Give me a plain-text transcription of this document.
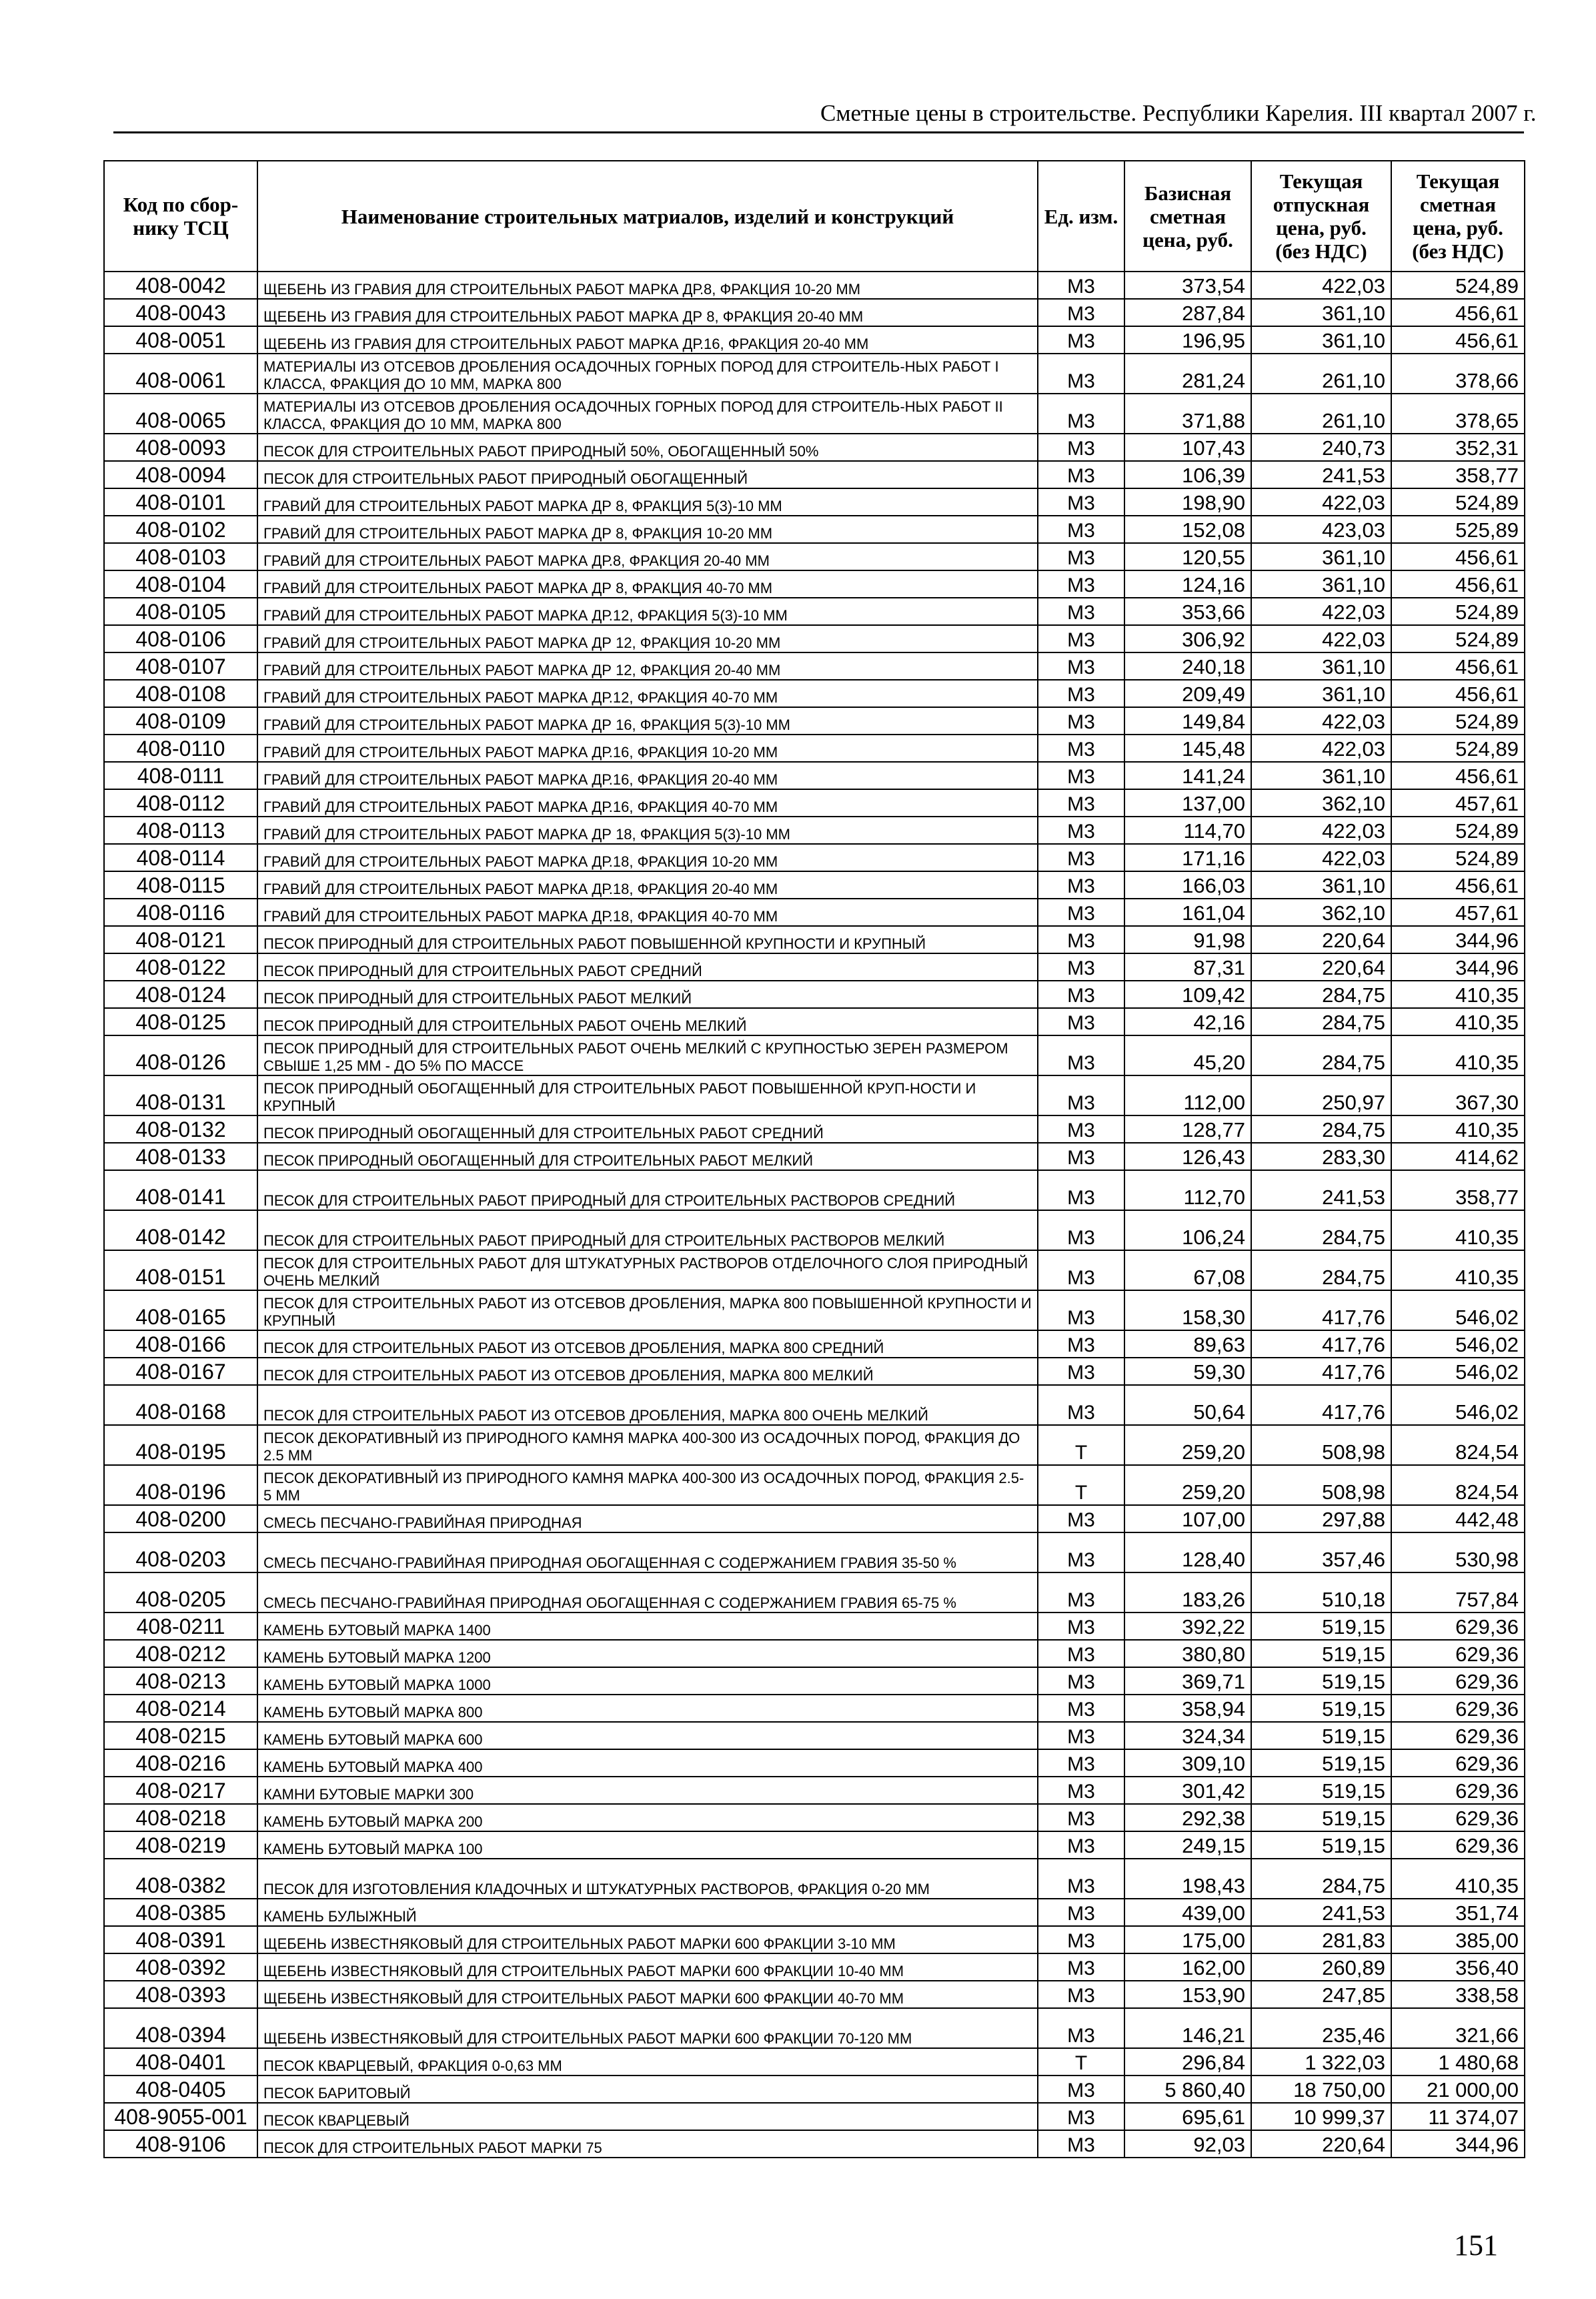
Сметные цены в строительстве. Республики Карелия. III квартал 2007 г.
Код по сбор-нику ТСЦ	Наименование строительных матриалов, изделий и конструкций	Ед. изм.	Базисная сметная цена, руб.	Текущая отпускная цена, руб. (без НДС)	Текущая сметная цена, руб. (без НДС)
408-0042	ЩЕБЕНЬ ИЗ ГРАВИЯ ДЛЯ СТРОИТЕЛЬНЫХ РАБОТ МАРКА ДР.8, ФРАКЦИЯ 10-20 ММ	М3	373,54	422,03	524,89
408-0043	ЩЕБЕНЬ ИЗ ГРАВИЯ ДЛЯ СТРОИТЕЛЬНЫХ РАБОТ МАРКА ДР 8, ФРАКЦИЯ 20-40 ММ	М3	287,84	361,10	456,61
408-0051	ЩЕБЕНЬ ИЗ ГРАВИЯ ДЛЯ СТРОИТЕЛЬНЫХ РАБОТ МАРКА ДР.16, ФРАКЦИЯ 20-40 ММ	М3	196,95	361,10	456,61
408-0061	МАТЕРИАЛЫ ИЗ ОТСЕВОВ ДРОБЛЕНИЯ ОСАДОЧНЫХ ГОРНЫХ ПОРОД ДЛЯ СТРОИТЕЛЬ-НЫХ РАБОТ I КЛАССА, ФРАКЦИЯ ДО 10 ММ, МАРКА 800	М3	281,24	261,10	378,66
408-0065	МАТЕРИАЛЫ ИЗ ОТСЕВОВ ДРОБЛЕНИЯ ОСАДОЧНЫХ ГОРНЫХ ПОРОД ДЛЯ СТРОИТЕЛЬ-НЫХ РАБОТ II КЛАССА, ФРАКЦИЯ ДО 10 ММ, МАРКА 800	М3	371,88	261,10	378,65
408-0093	ПЕСОК ДЛЯ СТРОИТЕЛЬНЫХ РАБОТ ПРИРОДНЫЙ 50%, ОБОГАЩЕННЫЙ 50%	М3	107,43	240,73	352,31
408-0094	ПЕСОК ДЛЯ СТРОИТЕЛЬНЫХ РАБОТ ПРИРОДНЫЙ ОБОГАЩЕННЫЙ	М3	106,39	241,53	358,77
408-0101	ГРАВИЙ ДЛЯ СТРОИТЕЛЬНЫХ РАБОТ МАРКА ДР 8, ФРАКЦИЯ 5(3)-10 ММ	М3	198,90	422,03	524,89
408-0102	ГРАВИЙ ДЛЯ СТРОИТЕЛЬНЫХ РАБОТ МАРКА ДР 8, ФРАКЦИЯ 10-20 ММ	М3	152,08	423,03	525,89
408-0103	ГРАВИЙ ДЛЯ СТРОИТЕЛЬНЫХ РАБОТ МАРКА ДР.8, ФРАКЦИЯ 20-40 ММ	М3	120,55	361,10	456,61
408-0104	ГРАВИЙ ДЛЯ СТРОИТЕЛЬНЫХ РАБОТ МАРКА ДР 8, ФРАКЦИЯ 40-70 ММ	М3	124,16	361,10	456,61
408-0105	ГРАВИЙ ДЛЯ СТРОИТЕЛЬНЫХ РАБОТ МАРКА ДР.12, ФРАКЦИЯ 5(3)-10 ММ	М3	353,66	422,03	524,89
408-0106	ГРАВИЙ ДЛЯ СТРОИТЕЛЬНЫХ РАБОТ МАРКА ДР 12, ФРАКЦИЯ 10-20 ММ	М3	306,92	422,03	524,89
408-0107	ГРАВИЙ ДЛЯ СТРОИТЕЛЬНЫХ РАБОТ МАРКА ДР 12, ФРАКЦИЯ 20-40 ММ	М3	240,18	361,10	456,61
408-0108	ГРАВИЙ ДЛЯ СТРОИТЕЛЬНЫХ РАБОТ МАРКА ДР.12, ФРАКЦИЯ 40-70 ММ	М3	209,49	361,10	456,61
408-0109	ГРАВИЙ ДЛЯ СТРОИТЕЛЬНЫХ РАБОТ МАРКА ДР 16, ФРАКЦИЯ 5(3)-10 ММ	М3	149,84	422,03	524,89
408-0110	ГРАВИЙ ДЛЯ СТРОИТЕЛЬНЫХ РАБОТ МАРКА ДР.16, ФРАКЦИЯ 10-20 ММ	М3	145,48	422,03	524,89
408-0111	ГРАВИЙ ДЛЯ СТРОИТЕЛЬНЫХ РАБОТ МАРКА ДР.16, ФРАКЦИЯ 20-40 ММ	М3	141,24	361,10	456,61
408-0112	ГРАВИЙ ДЛЯ СТРОИТЕЛЬНЫХ РАБОТ МАРКА ДР.16, ФРАКЦИЯ 40-70 ММ	М3	137,00	362,10	457,61
408-0113	ГРАВИЙ ДЛЯ СТРОИТЕЛЬНЫХ РАБОТ МАРКА ДР 18, ФРАКЦИЯ 5(3)-10 ММ	М3	114,70	422,03	524,89
408-0114	ГРАВИЙ ДЛЯ СТРОИТЕЛЬНЫХ РАБОТ МАРКА ДР.18, ФРАКЦИЯ 10-20 ММ	М3	171,16	422,03	524,89
408-0115	ГРАВИЙ ДЛЯ СТРОИТЕЛЬНЫХ РАБОТ МАРКА ДР.18, ФРАКЦИЯ 20-40 ММ	М3	166,03	361,10	456,61
408-0116	ГРАВИЙ ДЛЯ СТРОИТЕЛЬНЫХ РАБОТ МАРКА ДР.18, ФРАКЦИЯ 40-70 ММ	М3	161,04	362,10	457,61
408-0121	ПЕСОК ПРИРОДНЫЙ ДЛЯ СТРОИТЕЛЬНЫХ РАБОТ ПОВЫШЕННОЙ КРУПНОСТИ И КРУПНЫЙ	М3	91,98	220,64	344,96
408-0122	ПЕСОК ПРИРОДНЫЙ ДЛЯ СТРОИТЕЛЬНЫХ РАБОТ СРЕДНИЙ	М3	87,31	220,64	344,96
408-0124	ПЕСОК ПРИРОДНЫЙ ДЛЯ СТРОИТЕЛЬНЫХ РАБОТ МЕЛКИЙ	М3	109,42	284,75	410,35
408-0125	ПЕСОК ПРИРОДНЫЙ ДЛЯ СТРОИТЕЛЬНЫХ РАБОТ ОЧЕНЬ МЕЛКИЙ	М3	42,16	284,75	410,35
408-0126	ПЕСОК ПРИРОДНЫЙ ДЛЯ СТРОИТЕЛЬНЫХ РАБОТ ОЧЕНЬ МЕЛКИЙ С КРУПНОСТЬЮ ЗЕРЕН РАЗМЕРОМ СВЫШЕ 1,25 ММ - ДО 5% ПО МАССЕ	М3	45,20	284,75	410,35
408-0131	ПЕСОК ПРИРОДНЫЙ ОБОГАЩЕННЫЙ ДЛЯ СТРОИТЕЛЬНЫХ РАБОТ ПОВЫШЕННОЙ КРУП-НОСТИ И КРУПНЫЙ	М3	112,00	250,97	367,30
408-0132	ПЕСОК ПРИРОДНЫЙ ОБОГАЩЕННЫЙ ДЛЯ СТРОИТЕЛЬНЫХ РАБОТ СРЕДНИЙ	М3	128,77	284,75	410,35
408-0133	ПЕСОК ПРИРОДНЫЙ ОБОГАЩЕННЫЙ ДЛЯ СТРОИТЕЛЬНЫХ РАБОТ МЕЛКИЙ	М3	126,43	283,30	414,62
408-0141	ПЕСОК ДЛЯ СТРОИТЕЛЬНЫХ РАБОТ ПРИРОДНЫЙ ДЛЯ СТРОИТЕЛЬНЫХ РАСТВОРОВ СРЕДНИЙ	М3	112,70	241,53	358,77
408-0142	ПЕСОК ДЛЯ СТРОИТЕЛЬНЫХ РАБОТ ПРИРОДНЫЙ ДЛЯ СТРОИТЕЛЬНЫХ РАСТВОРОВ МЕЛКИЙ	М3	106,24	284,75	410,35
408-0151	ПЕСОК ДЛЯ СТРОИТЕЛЬНЫХ РАБОТ ДЛЯ ШТУКАТУРНЫХ РАСТВОРОВ ОТДЕЛОЧНОГО СЛОЯ ПРИРОДНЫЙ ОЧЕНЬ МЕЛКИЙ	М3	67,08	284,75	410,35
408-0165	ПЕСОК ДЛЯ СТРОИТЕЛЬНЫХ РАБОТ ИЗ ОТСЕВОВ ДРОБЛЕНИЯ, МАРКА 800 ПОВЫШЕННОЙ КРУПНОСТИ И КРУПНЫЙ	М3	158,30	417,76	546,02
408-0166	ПЕСОК ДЛЯ СТРОИТЕЛЬНЫХ РАБОТ ИЗ ОТСЕВОВ ДРОБЛЕНИЯ, МАРКА 800 СРЕДНИЙ	М3	89,63	417,76	546,02
408-0167	ПЕСОК ДЛЯ СТРОИТЕЛЬНЫХ РАБОТ ИЗ ОТСЕВОВ ДРОБЛЕНИЯ, МАРКА 800 МЕЛКИЙ	М3	59,30	417,76	546,02
408-0168	ПЕСОК ДЛЯ СТРОИТЕЛЬНЫХ РАБОТ ИЗ ОТСЕВОВ ДРОБЛЕНИЯ, МАРКА 800 ОЧЕНЬ МЕЛКИЙ	М3	50,64	417,76	546,02
408-0195	ПЕСОК ДЕКОРАТИВНЫЙ ИЗ ПРИРОДНОГО КАМНЯ МАРКА 400-300 ИЗ ОСАДОЧНЫХ ПОРОД, ФРАКЦИЯ ДО 2.5 ММ	Т	259,20	508,98	824,54
408-0196	ПЕСОК ДЕКОРАТИВНЫЙ ИЗ ПРИРОДНОГО КАМНЯ МАРКА 400-300 ИЗ ОСАДОЧНЫХ ПОРОД, ФРАКЦИЯ 2.5-5 ММ	Т	259,20	508,98	824,54
408-0200	СМЕСЬ ПЕСЧАНО-ГРАВИЙНАЯ ПРИРОДНАЯ	М3	107,00	297,88	442,48
408-0203	СМЕСЬ ПЕСЧАНО-ГРАВИЙНАЯ ПРИРОДНАЯ ОБОГАЩЕННАЯ С СОДЕРЖАНИЕМ ГРАВИЯ 35-50 %	М3	128,40	357,46	530,98
408-0205	СМЕСЬ ПЕСЧАНО-ГРАВИЙНАЯ ПРИРОДНАЯ ОБОГАЩЕННАЯ С СОДЕРЖАНИЕМ ГРАВИЯ 65-75 %	М3	183,26	510,18	757,84
408-0211	КАМЕНЬ БУТОВЫЙ МАРКА 1400	М3	392,22	519,15	629,36
408-0212	КАМЕНЬ БУТОВЫЙ МАРКА 1200	М3	380,80	519,15	629,36
408-0213	КАМЕНЬ БУТОВЫЙ МАРКА 1000	М3	369,71	519,15	629,36
408-0214	КАМЕНЬ БУТОВЫЙ МАРКА 800	М3	358,94	519,15	629,36
408-0215	КАМЕНЬ БУТОВЫЙ МАРКА 600	М3	324,34	519,15	629,36
408-0216	КАМЕНЬ БУТОВЫЙ МАРКА 400	М3	309,10	519,15	629,36
408-0217	КАМНИ БУТОВЫЕ МАРКИ 300	М3	301,42	519,15	629,36
408-0218	КАМЕНЬ БУТОВЫЙ МАРКА 200	М3	292,38	519,15	629,36
408-0219	КАМЕНЬ БУТОВЫЙ МАРКА 100	М3	249,15	519,15	629,36
408-0382	ПЕСОК ДЛЯ ИЗГОТОВЛЕНИЯ КЛАДОЧНЫХ И ШТУКАТУРНЫХ РАСТВОРОВ, ФРАКЦИЯ 0-20 ММ	М3	198,43	284,75	410,35
408-0385	КАМЕНЬ БУЛЫЖНЫЙ	М3	439,00	241,53	351,74
408-0391	ЩЕБЕНЬ ИЗВЕСТНЯКОВЫЙ ДЛЯ СТРОИТЕЛЬНЫХ РАБОТ МАРКИ 600 ФРАКЦИИ 3-10 ММ	М3	175,00	281,83	385,00
408-0392	ЩЕБЕНЬ ИЗВЕСТНЯКОВЫЙ ДЛЯ СТРОИТЕЛЬНЫХ РАБОТ МАРКИ 600 ФРАКЦИИ 10-40 ММ	М3	162,00	260,89	356,40
408-0393	ЩЕБЕНЬ ИЗВЕСТНЯКОВЫЙ ДЛЯ СТРОИТЕЛЬНЫХ РАБОТ МАРКИ 600 ФРАКЦИИ 40-70 ММ	М3	153,90	247,85	338,58
408-0394	ЩЕБЕНЬ ИЗВЕСТНЯКОВЫЙ ДЛЯ СТРОИТЕЛЬНЫХ РАБОТ МАРКИ 600 ФРАКЦИИ 70-120 ММ	М3	146,21	235,46	321,66
408-0401	ПЕСОК КВАРЦЕВЫЙ, ФРАКЦИЯ 0-0,63 ММ	Т	296,84	1 322,03	1 480,68
408-0405	ПЕСОК БАРИТОВЫЙ	М3	5 860,40	18 750,00	21 000,00
408-9055-001	ПЕСОК КВАРЦЕВЫЙ	М3	695,61	10 999,37	11 374,07
408-9106	ПЕСОК ДЛЯ СТРОИТЕЛЬНЫХ РАБОТ МАРКИ 75	М3	92,03	220,64	344,96
151
